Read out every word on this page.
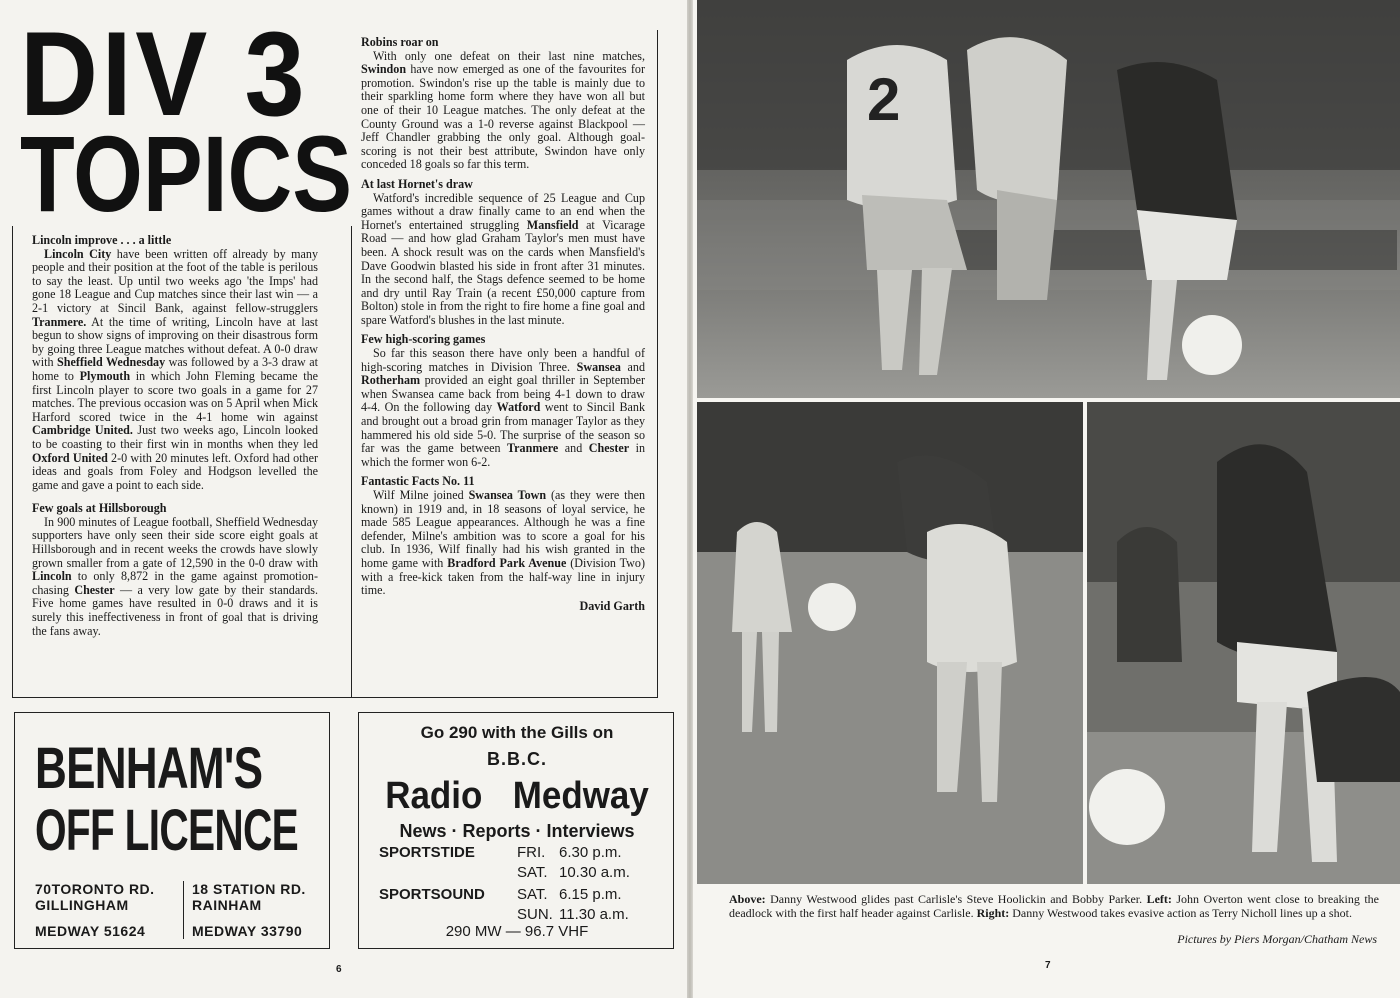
DIV 3
TOPICS
Lincoln improve . . . a little

Lincoln City have been written off already by many people and their position at the foot of the table is perilous to say the least. Up until two weeks ago 'the Imps' had gone 18 League and Cup matches since their last win — a 2-1 victory at Sincil Bank, against fellow-strugglers Tranmere. At the time of writing, Lincoln have at last begun to show signs of improving on their disastrous form by going three League matches without defeat. A 0-0 draw with Sheffield Wednesday was followed by a 3-3 draw at home to Plymouth in which John Fleming became the first Lincoln player to score two goals in a game for 27 matches. The previous occasion was on 5 April when Mick Harford scored twice in the 4-1 home win against Cambridge United. Just two weeks ago, Lincoln looked to be coasting to their first win in months when they led Oxford United 2-0 with 20 minutes left. Oxford had other ideas and goals from Foley and Hodgson levelled the game and gave a point to each side.

Few goals at Hillsborough

In 900 minutes of League football, Sheffield Wednesday supporters have only seen their side score eight goals at Hillsborough and in recent weeks the crowds have slowly grown smaller from a gate of 12,590 in the 0-0 draw with Lincoln to only 8,872 in the game against promotion-chasing Chester — a very low gate by their standards. Five home games have resulted in 0-0 draws and it is surely this ineffectiveness in front of goal that is driving the fans away.

Robins roar on

With only one defeat on their last nine matches, Swindon have now emerged as one of the favourites for promotion. Swindon's rise up the table is mainly due to their sparkling home form where they have won all but one of their 10 League matches. The only defeat at the County Ground was a 1-0 reverse against Blackpool — Jeff Chandler grabbing the only goal. Although goal-scoring is not their best attribute, Swindon have only conceded 18 goals so far this term.

At last Hornet's draw

Watford's incredible sequence of 25 League and Cup games without a draw finally came to an end when the Hornet's entertained struggling Mansfield at Vicarage Road — and how glad Graham Taylor's men must have been. A shock result was on the cards when Mansfield's Dave Goodwin blasted his side in front after 31 minutes. In the second half, the Stags defence seemed to be home and dry until Ray Train (a recent £50,000 capture from Bolton) stole in from the right to fire home a fine goal and spare Watford's blushes in the last minute.

Few high-scoring games

So far this season there have only been a handful of high-scoring matches in Division Three. Swansea and Rotherham provided an eight goal thriller in September when Swansea came back from being 4-1 down to draw 4-4. On the following day Watford went to Sincil Bank and brought out a broad grin from manager Taylor as they hammered his old side 5-0. The surprise of the season so far was the game between Tranmere and Chester in which the former won 6-2.

Fantastic Facts No. 11

Wilf Milne joined Swansea Town (as they were then known) in 1919 and, in 18 seasons of loyal service, he made 585 League appearances. Although he was a fine defender, Milne's ambition was to score a goal for his club. In 1936, Wilf finally had his wish granted in the home game with Bradford Park Avenue (Division Two) with a free-kick taken from the half-way line in injury time.

David Garth
BENHAM'S
OFF LICENCE
70TORONTO RD.
GILLINGHAM
MEDWAY 51624
18 STATION RD.
RAINHAM
MEDWAY 33790
Go 290 with the Gills on
B.B.C.
Radio  Medway
News · Reports · Interviews
SPORTSTIDE	FRI. 6.30 p.m.
SAT. 10.30 a.m.
SPORTSOUND SAT. 6.15 p.m.
SUN. 11.30 a.m.
290 MW — 96.7 VHF
6
2
Above: Danny Westwood glides past Carlisle's Steve Hoolickin and Bobby Parker. Left: John Overton went close to breaking the deadlock with the first half header against Carlisle. Right: Danny Westwood takes evasive action as Terry Nicholl lines up a shot.
Pictures by Piers Morgan/Chatham News
7
